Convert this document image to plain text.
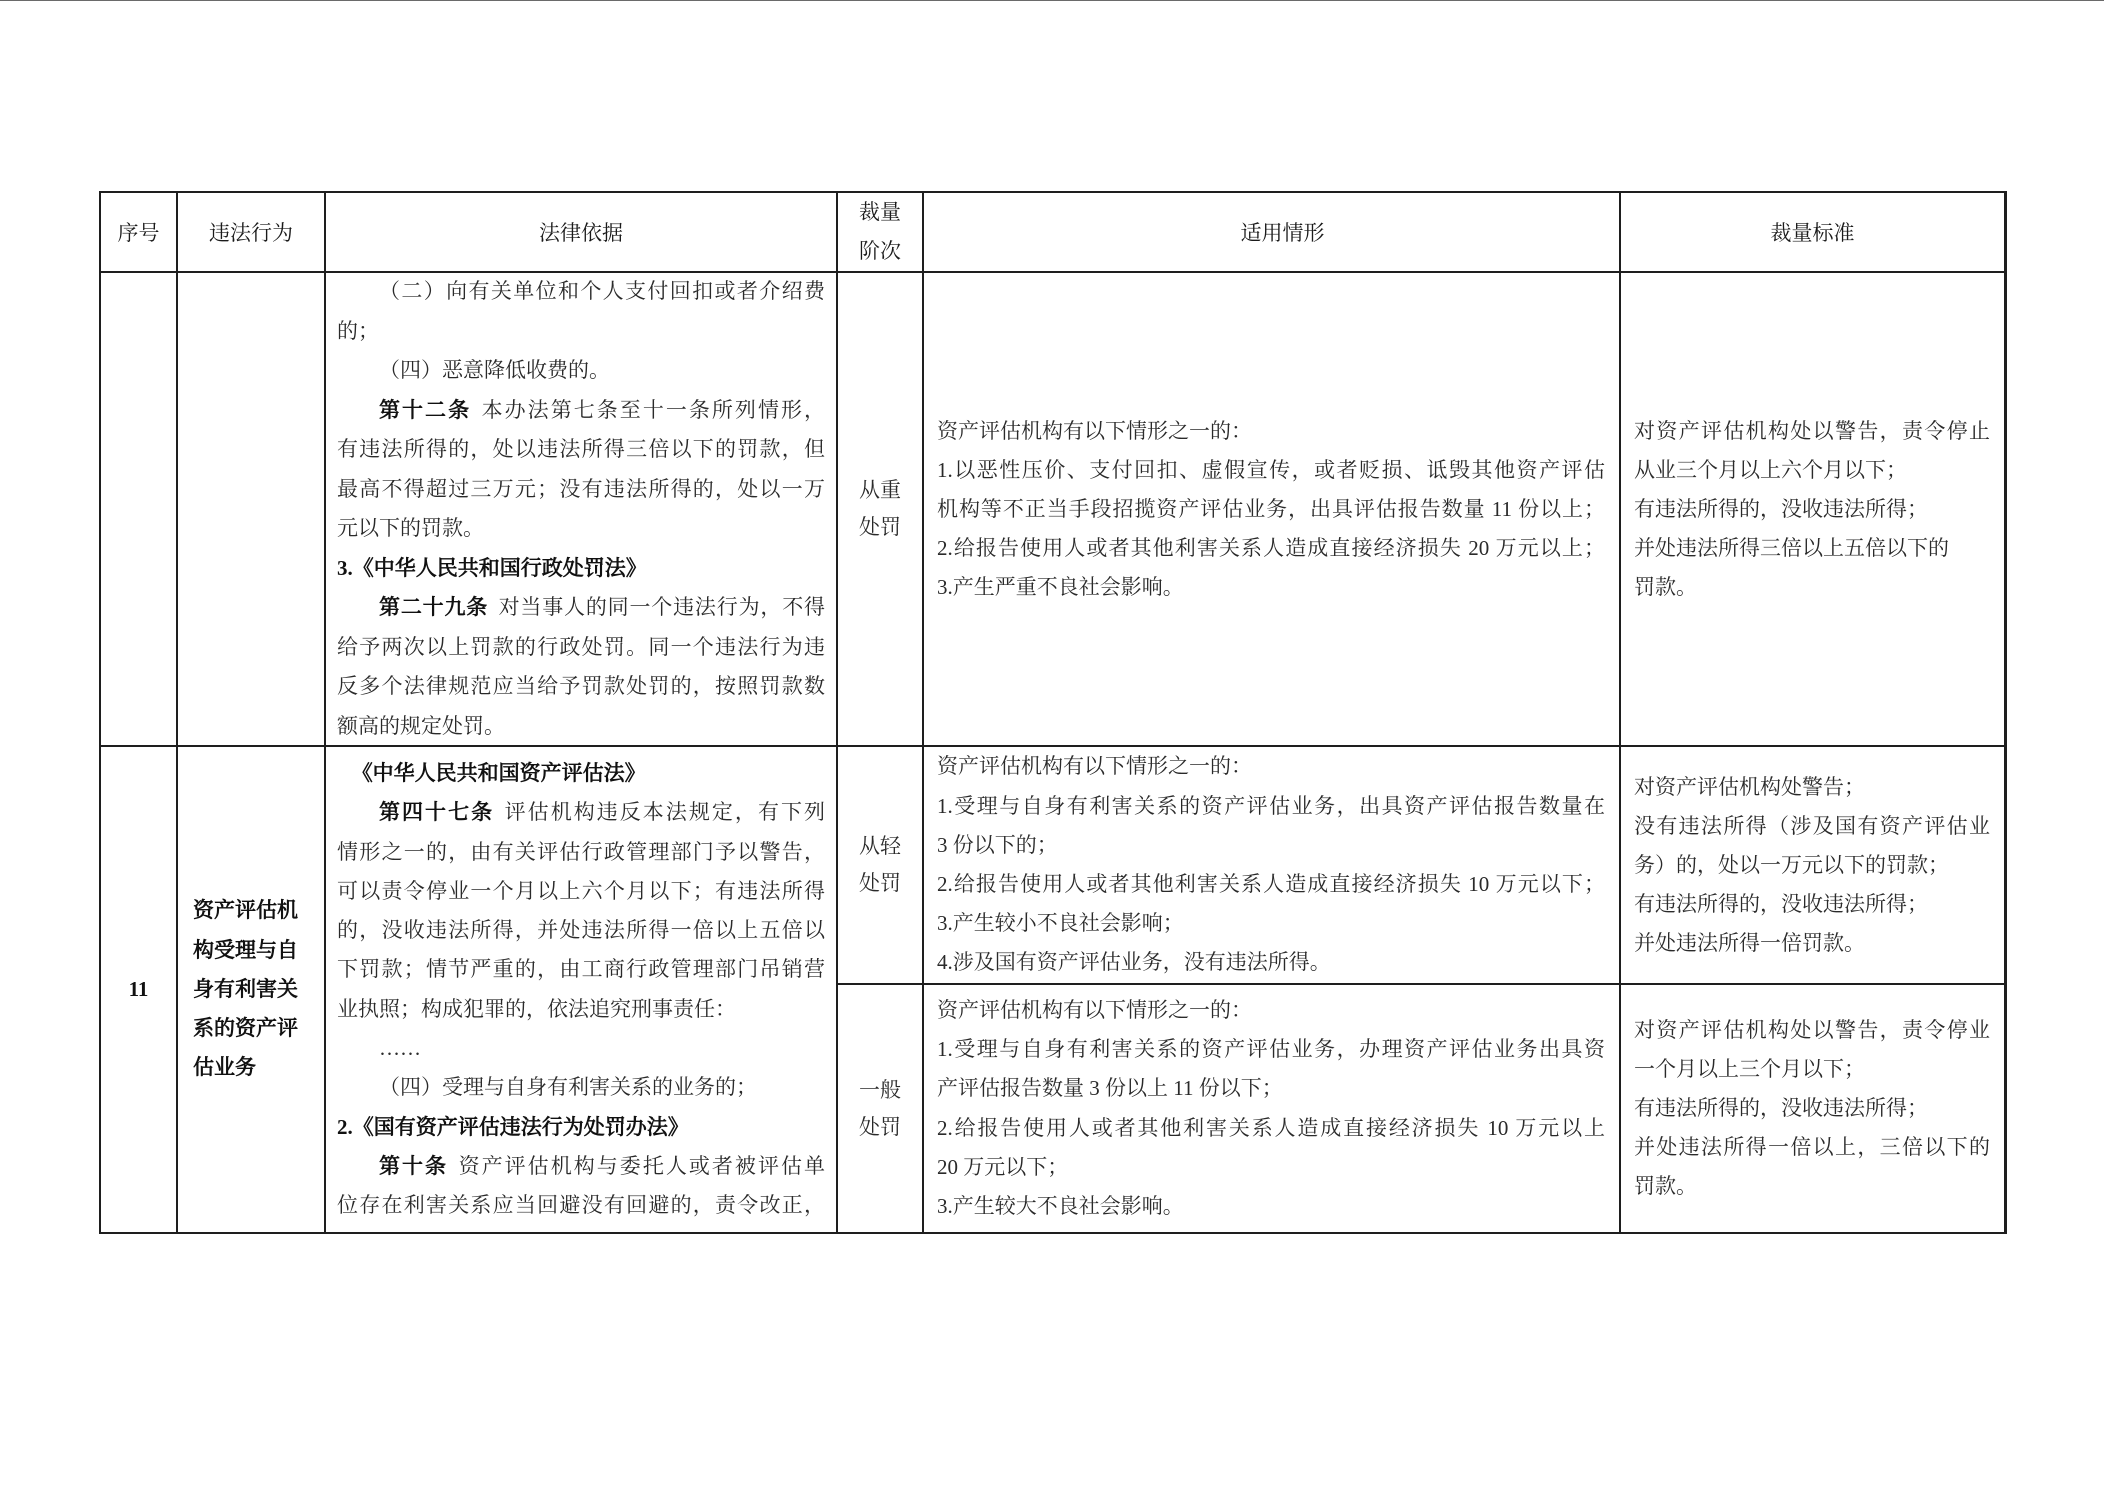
序号 违法行为	法律依据
裁量阶次
适用情形	裁量标准
（二）向有关单位和个人支付回扣或者介绍费
的；
（四）恶意降低收费的。
第十二条 本办法第七条至十一条所列情形，
有违法所得的，处以违法所得三倍以下的罚款，但
最高不得超过三万元；没有违法所得的，处以一万
元以下的罚款。
3.《中华人民共和国行政处罚法》
第二十九条 对当事人的同一个违法行为，不得
给予两次以上罚款的行政处罚。同一个违法行为违
反多个法律规范应当给予罚款处罚的，按照罚款数
额高的规定处罚。
从重处罚
资产评估机构有以下情形之一的：
1.以恶性压价、支付回扣、虚假宣传，或者贬损、诋毁其他资产评估
机构等不正当手段招揽资产评估业务，出具评估报告数量 11 份以上；
2.给报告使用人或者其他利害关系人造成直接经济损失 20 万元以上；
3.产生严重不良社会影响。
对资产评估机构处以警告，责令停止
从业三个月以上六个月以下；
有违法所得的，没收违法所得；
并处违法所得三倍以上五倍以下的
罚款。
11
资产评估机构受理与自身有利害关系的资产评估业务
《中华人民共和国资产评估法》
第四十七条 评估机构违反本法规定，有下列
情形之一的，由有关评估行政管理部门予以警告，
可以责令停业一个月以上六个月以下；有违法所得
的，没收违法所得，并处违法所得一倍以上五倍以
下罚款；情节严重的，由工商行政管理部门吊销营
业执照；构成犯罪的，依法追究刑事责任：
……
（四）受理与自身有利害关系的业务的；
2.《国有资产评估违法行为处罚办法》
第十条 资产评估机构与委托人或者被评估单
位存在利害关系应当回避没有回避的，责令改正，
从轻处罚
资产评估机构有以下情形之一的：
1.受理与自身有利害关系的资产评估业务，出具资产评估报告数量在
3 份以下的；
2.给报告使用人或者其他利害关系人造成直接经济损失 10 万元以下；
3.产生较小不良社会影响；
4.涉及国有资产评估业务，没有违法所得。
对资产评估机构处警告；
没有违法所得（涉及国有资产评估业
务）的，处以一万元以下的罚款；
有违法所得的，没收违法所得；
并处违法所得一倍罚款。
一般处罚
资产评估机构有以下情形之一的：
1.受理与自身有利害关系的资产评估业务，办理资产评估业务出具资
产评估报告数量 3 份以上 11 份以下；
2.给报告使用人或者其他利害关系人造成直接经济损失 10 万元以上
20 万元以下；
3.产生较大不良社会影响。
对资产评估机构处以警告，责令停业
一个月以上三个月以下；
有违法所得的，没收违法所得；
并处违法所得一倍以上，三倍以下的
罚款。
